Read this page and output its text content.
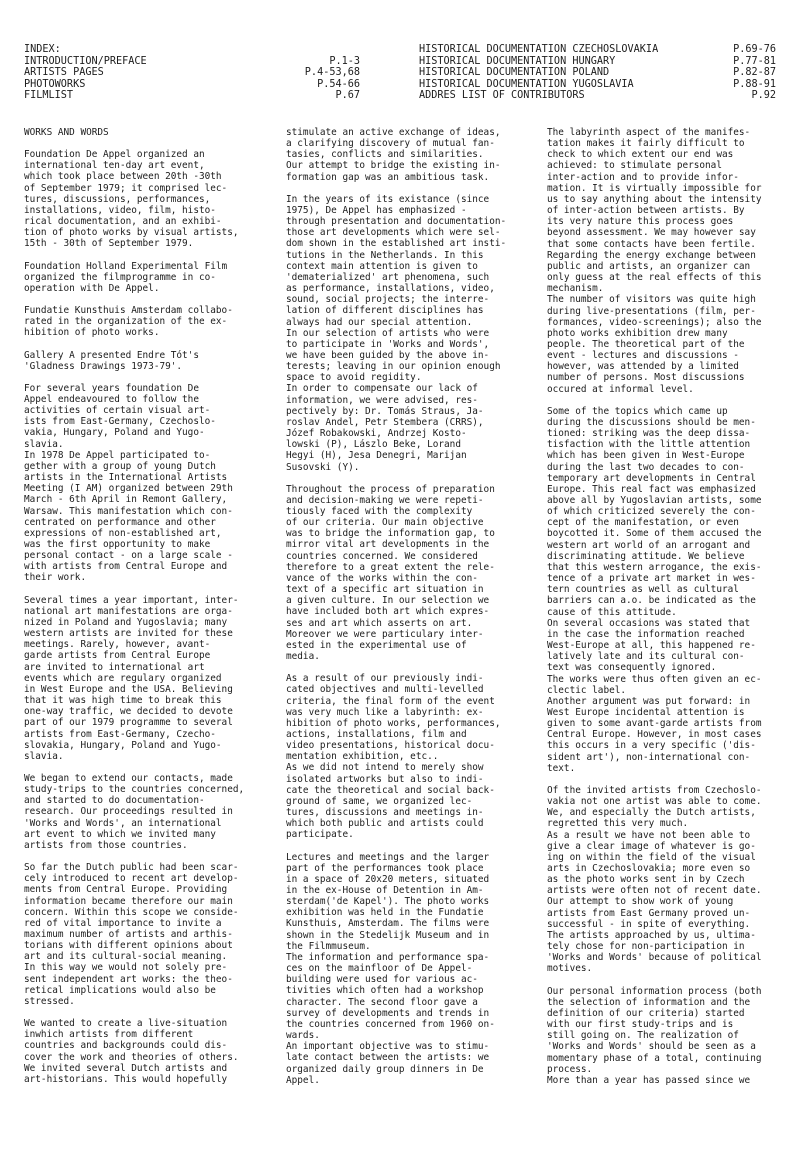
INDEX:
INTRODUCTION/PREFACE	P.1-3
ARTISTS PAGES	P.4-53,68
PHOTOWORKS	P.54-66
FILMLIST	P.67
HISTORICAL DOCUMENTATION CZECHOSLOVAKIA	P.69-76
HISTORICAL DOCUMENTATION HUNGARY	P.77-81
HISTORICAL DOCUMENTATION POLAND	P.82-87
HISTORICAL DOCUMENTATION YUGOSLAVIA	P.88-91
ADDRES LIST OF CONTRIBUTORS	P.92

WORKS AND WORDS

Foundation De Appel organized an
international ten-day art event,
which took place between 20th -30th
of September 1979; it comprised lec-
tures, discussions, performances,
installations, video, film, histo-
rical documentation, and an exhibi-
tion of photo works by visual artists,
15th - 30th of September 1979.

Foundation Holland Experimental Film
organized the filmprogramme in co-
operation with De Appel.

Fundatie Kunsthuis Amsterdam collabo-
rated in the organization of the ex-
hibition of photo works.

Gallery A presented Endre Tót's
'Gladness Drawings 1973-79'.

For several years foundation De
Appel endeavoured to follow the
activities of certain visual art-
ists from East-Germany, Czechoslo-
vakia, Hungary, Poland and Yugo-
slavia.
In 1978 De Appel participated to-
gether with a group of young Dutch
artists in the International Artists
Meeting (I AM) organized between 29th
March - 6th April in Remont Gallery,
Warsaw. This manifestation which con-
centrated on performance and other
expressions of non-established art,
was the first opportunity to make
personal contact - on a large scale -
with artists from Central Europe and
their work.

Several times a year important, inter-
national art manifestations are orga-
nized in Poland and Yugoslavia; many
western artists are invited for these
meetings. Rarely, however, avant-
garde artists from Central Europe
are invited to international art
events which are regulary organized
in West Europe and the USA. Believing
that it was high time to break this
one-way traffic, we decided to devote
part of our 1979 programme to several
artists from East-Germany, Czecho-
slovakia, Hungary, Poland and Yugo-
slavia.

We began to extend our contacts, made
study-trips to the countries concerned,
and started to do documentation-
research. Our proceedings resulted in
'Works and Words', an international
art event to which we invited many
artists from those countries.

So far the Dutch public had been scar-
cely introduced to recent art develop-
ments from Central Europe. Providing
information became therefore our main
concern. Within this scope we conside-
red of vital importance to invite a
maximum number of artists and arthis-
torians with different opinions about
art and its cultural-social meaning.
In this way we would not solely pre-
sent independent art works: the theo-
retical implications would also be
stressed.

We wanted to create a live-situation
inwhich artists from different
countries and backgrounds could dis-
cover the work and theories of others.
We invited several Dutch artists and
art-historians. This would hopefully

stimulate an active exchange of ideas,
a clarifying discovery of mutual fan-
tasies, conflicts and similarities.
Our attempt to bridge the existing in-
formation gap was an ambitious task.

In the years of its existance (since
1975), De Appel has emphasized -
through presentation and documentation-
those art developments which were sel-
dom shown in the established art insti-
tutions in the Netherlands. In this
context main attention is given to
'dematerialized' art phenomena, such
as performance, installations, video,
sound, social projects; the interre-
lation of different disciplines has
always had our special attention.
In our selection of artists who were
to participate in 'Works and Words',
we have been guided by the above in-
terests; leaving in our opinion enough
space to avoid regidity.
In order to compensate our lack of
information, we were advised, res-
pectively by: Dr. Tomás Straus, Ja-
roslav Andel, Petr Stembera (CRRS),
Józef Robakowski, Andrzej Kosto-
lowski (P), Lászlo Beke, Lorand
Hegyi (H), Jesa Denegri, Marijan
Susovski (Y).

Throughout the process of preparation
and decision-making we were repeti-
tiously faced with the complexity
of our criteria. Our main objective
was to bridge the information gap, to
mirror vital art developments in the
countries concerned. We considered
therefore to a great extent the rele-
vance of the works within the con-
text of a specific art situation in
a given culture. In our selection we
have included both art which expres-
ses and art which asserts on art.
Moreover we were particulary inter-
ested in the experimental use of
media.

As a result of our previously indi-
cated objectives and multi-levelled
criteria, the final form of the event
was very much like a labyrinth: ex-
hibition of photo works, performances,
actions, installations, film and
video presentations, historical docu-
mentation exhibition, etc..
As we did not intend to merely show
isolated artworks but also to indi-
cate the theoretical and social back-
ground of same, we organized lec-
tures, discussions and meetings in-
which both public and artists could
participate.

Lectures and meetings and the larger
part of the performances took place
in a space of 20x20 meters, situated
in the ex-House of Detention in Am-
sterdam('de Kapel'). The photo works
exhibition was held in the Fundatie
Kunsthuis, Amsterdam. The films were
shown in the Stedelijk Museum and in
the Filmmuseum.
The information and performance spa-
ces on the mainfloor of De Appel-
building were used for various ac-
tivities which often had a workshop
character. The second floor gave a
survey of developments and trends in
the countries concerned from 1960 on-
wards.
An important objective was to stimu-
late contact between the artists: we
organized daily group dinners in De
Appel.

The labyrinth aspect of the manifes-
tation makes it fairly difficult to
check to which extent our end was
achieved: to stimulate personal
inter-action and to provide infor-
mation. It is virtually impossible for
us to say anything about the intensity
of inter-action between artists. By
its very nature this process goes
beyond assessment. We may however say
that some contacts have been fertile.
Regarding the energy exchange between
public and artists, an organizer can
only guess at the real effects of this
mechanism.
The number of visitors was quite high
during live-presentations (film, per-
formances, video-screenings); also the
photo works exhibition drew many
people. The theoretical part of the
event - lectures and discussions -
however, was attended by a limited
number of persons. Most discussions
occured at informal level.

Some of the topics which came up
during the discussions should be men-
tioned: striking was the deep dissa-
tisfaction with the little attention
which has been given in West-Europe
during the last two decades to con-
temporary art developments in Central
Europe. This real fact was emphasized
above all by Yugoslavian artists, some
of which criticized severely the con-
cept of the manifestation, or even
boycotted it. Some of them accused the
western art world of an arrogant and
discriminating attitude. We believe
that this western arrogance, the exis-
tence of a private art market in wes-
tern countries as well as cultural
barriers can a.o. be indicated as the
cause of this attitude.
On several occasions was stated that
in the case the information reached
West-Europe at all, this happened re-
latively late and its cultural con-
text was consequently ignored.
The works were thus often given an ec-
clectic label.
Another argument was put forward: in
West Europe incidental attention is
given to some avant-garde artists from
Central Europe. However, in most cases
this occurs in a very specific ('dis-
sident art'), non-international con-
text.

Of the invited artists from Czechoslo-
vakia not one artist was able to come.
We, and especially the Dutch artists,
regretted this very much.
As a result we have not been able to
give a clear image of whatever is go-
ing on within the field of the visual
arts in Czechoslovakia; more even so
as the photo works sent in by Czech
artists were often not of recent date.
Our attempt to show work of young
artists from East Germany proved un-
successful - in spite of everything.
The artists approached by us, ultima-
tely chose for non-participation in
'Works and Words' because of political
motives.

Our personal information process (both
the selection of information and the
definition of our criteria) started
with our first study-trips and is
still going on. The realization of
'Works and Words' should be seen as a
momentary phase of a total, continuing
process.
More than a year has passed since we
